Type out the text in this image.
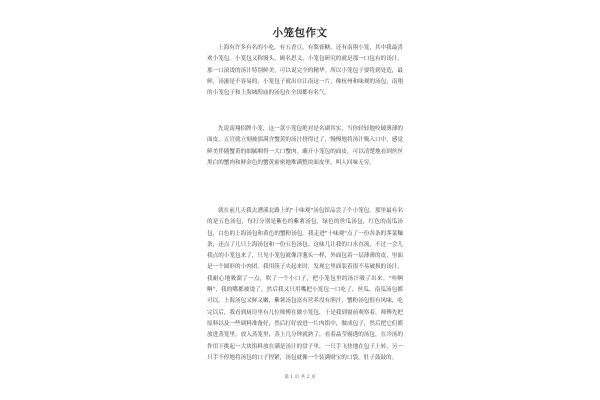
小笼包作文

上海有许多有名的小吃，有五香豆，有梨膏糖，还有南翔小笼，其中我最喜欢小笼包。小笼包又称馒头，顾名思义，小笼包研究的就是那一口包有的汤汁，那一口滚烫的汤汁特别鲜美，可以说完全的精华。所以小笼包子要将到处造，最鲜，汤滋是不容易的，小笼包子就出自江南这一片，像杭州和味观的汤包，南翔的小笼包子和上海城隍庙的汤包在全国都有名气。

先说南翔招牌小笼，这一款小笼包绝对是名副其实，当你轻轻地咬破薄薄的面皮，五官就立刻被那满含蟹黄的汤汁挤得过了，慢慢地将汤汁吸入口中，感觉鲜美伴随蟹黄的细腻咽得一大口蟹肉。蘸开小笼包的面皮，可以清楚地看到丝丝黑白的蟹肉和鲜金色的蟹黄密密地堆满整块面皮里，叫人回味无穷。

就在前几天我去漕溪北路上的"十味观"汤包馆品尝了个小笼包。那里最有名的是五色汤包，每打分别是紫色的紫薯汤包，绿色的丝瓜汤包，红色的南瓜汤包，白色的上海汤包和黄色的蟹粉汤包。我走进"十味观"点了一份各条的荠菜麵条，还点了几只上海汤包和一份五色汤包。这味儿让我的口水直流，不过一会儿我点的小笼包来了，只见小笼包就像洋葱头一样，外面包着一层薄薄的皮，里面是一个圆形的小肉团。我用筷子夹起来时，发现它里面装着很不易破损的汤汁，我耐心地吸溜了一点，吹了一个小口子，把小笼包里的汤汁吸了出来。"哇啊啊"，我的嘴都被烫了，然后我又只用嘴把小笼包一口吃了，丝瓜、南瓜汤包都可以，上海汤包又鲜又嫩，紫薯汤包富有营养没有胆汁，蟹粉汤包很有风味，吃完以后，我看到厨房里有几位师傅在做小笼包，于是我到窗前观察着，师傅先把原料以及一些调料准备好，然后打好放进一片肉馅中，做成包子，然后把它们都放进蒸笼里，放入蒸笼里，蒸上几分钟就熟了，看着晶莹剔透的汤包，在冷汤的作用下挑起一大块馅料放在满是汤汁的盘子里，一只手飞快地在包子上转，另一只手不停地将汤包的口子捏紧，汤包就像一个装满财宝的口袋，肚子鼓鼓的。

第 1 页 共 2 页
